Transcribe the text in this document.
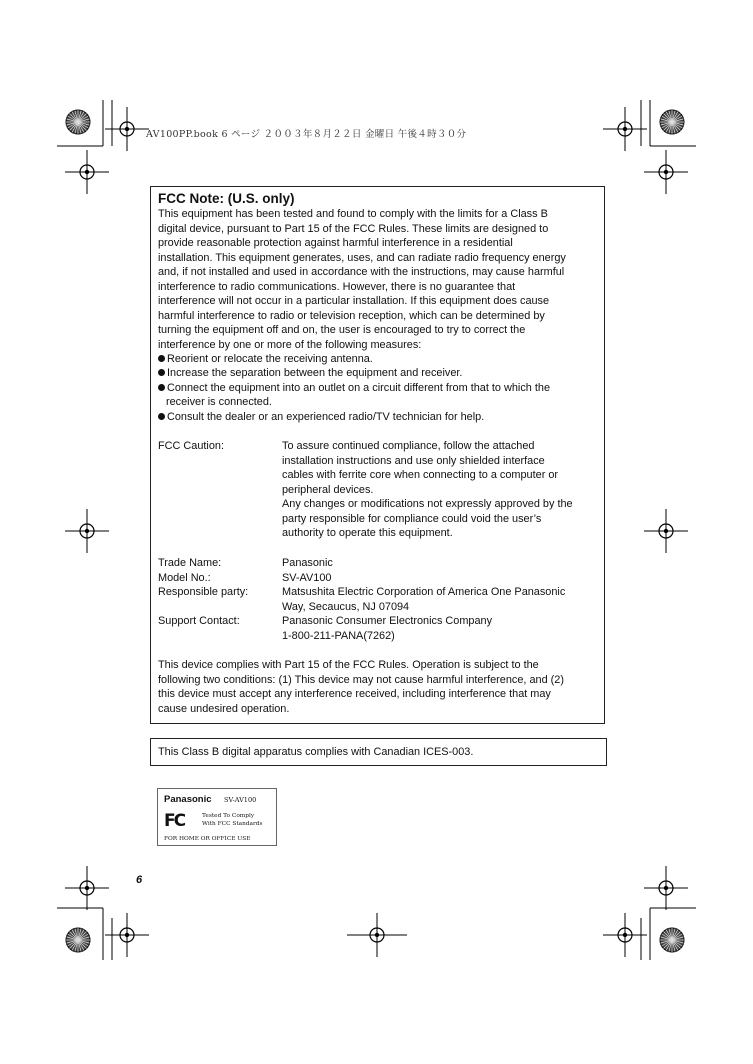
AV100PP.book 6 ページ ２００３年８月２２日 金曜日 午後４時３０分
FCC Note: (U.S. only)
This equipment has been tested and found to comply with the limits for a Class B
digital device, pursuant to Part 15 of the FCC Rules. These limits are designed to
provide reasonable protection against harmful interference in a residential
installation. This equipment generates, uses, and can radiate radio frequency energy
and, if not installed and used in accordance with the instructions, may cause harmful
interference to radio communications. However, there is no guarantee that
interference will not occur in a particular installation. If this equipment does cause
harmful interference to radio or television reception, which can be determined by
turning the equipment off and on, the user is encouraged to try to correct the
interference by one or more of the following measures:
Reorient or relocate the receiving antenna.
Increase the separation between the equipment and receiver.
Connect the equipment into an outlet on a circuit different from that to which the
receiver is connected.
Consult the dealer or an experienced radio/TV technician for help.
FCC Caution:	To assure continued compliance, follow the attached
installation instructions and use only shielded interface
cables with ferrite core when connecting to a computer or
peripheral devices.
Any changes or modifications not expressly approved by the
party responsible for compliance could void the user’s
authority to operate this equipment.
Trade Name:	Panasonic
Model No.:	SV-AV100
Responsible party:	Matsushita Electric Corporation of America One Panasonic
Way, Secaucus, NJ 07094
Support Contact:	Panasonic Consumer Electronics Company
1-800-211-PANA(7262)
This device complies with Part 15 of the FCC Rules. Operation is subject to the
following two conditions: (1) This device may not cause harmful interference, and (2)
this device must accept any interference received, including interference that may
cause undesired operation.
This Class B digital apparatus complies with Canadian ICES-003.
Panasonic SV-AV100
FC	Tested To Comply
With FCC Standards
FOR HOME OR OFFICE USE
6
